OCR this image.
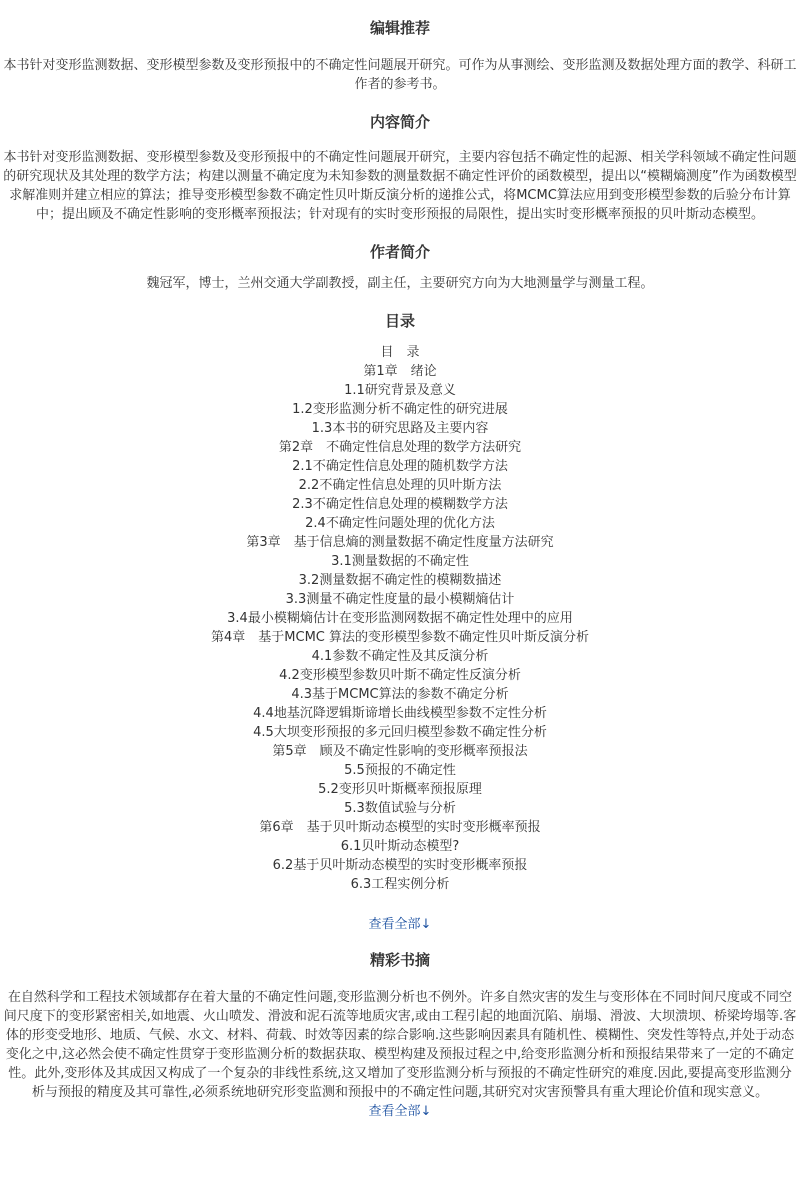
编辑推荐

本书针对变形监测数据、变形模型参数及变形预报中的不确定性问题展开研究。可作为从事测绘、变形监测及数据处理方面的教学、科研工作者的参考书。

内容简介

本书针对变形监测数据、变形模型参数及变形预报中的不确定性问题展开研究，主要内容包括不确定性的起源、相关学科领域不确定性问题的研究现状及其处理的数学方法；构建以测量不确定度为未知参数的测量数据不确定性评价的函数模型，提出以“模糊熵测度”作为函数模型求解准则并建立相应的算法；推导变形模型参数不确定性贝叶斯反演分析的递推公式，将MCMC算法应用到变形模型参数的后验分布计算中；提出顾及不确定性影响的变形概率预报法；针对现有的实时变形预报的局限性，提出实时变形概率预报的贝叶斯动态模型。

作者简介

魏冠军，博士，兰州交通大学副教授，副主任，主要研究方向为大地测量学与测量工程。

目录
目　录
第1章　绪论
1.1研究背景及意义
1.2变形监测分析不确定性的研究进展
1.3本书的研究思路及主要内容
第2章　不确定性信息处理的数学方法研究
2.1不确定性信息处理的随机数学方法
2.2不确定性信息处理的贝叶斯方法
2.3不确定性信息处理的模糊数学方法
2.4不确定性问题处理的优化方法
第3章　基于信息熵的测量数据不确定性度量方法研究
3.1测量数据的不确定性
3.2测量数据不确定性的模糊数描述
3.3测量不确定性度量的最小模糊熵估计
3.4最小模糊熵估计在变形监测网数据不确定性处理中的应用
第4章　基于MCMC 算法的变形模型参数不确定性贝叶斯反演分析
4.1参数不确定性及其反演分析
4.2变形模型参数贝叶斯不确定性反演分析
4.3基于MCMC算法的参数不确定分析
4.4地基沉降逻辑斯谛增长曲线模型参数不定性分析
4.5大坝变形预报的多元回归模型参数不确定性分析
第5章　顾及不确定性影响的变形概率预报法
5.5预报的不确定性
5.2变形贝叶斯概率预报原理
5.3数值试验与分析
第6章　基于贝叶斯动态模型的实时变形概率预报
6.1贝叶斯动态模型?
6.2基于贝叶斯动态模型的实时变形概率预报
6.3工程实例分析
查看全部↓
精彩书摘

在自然科学和工程技术领域都存在着大量的不确定性问题,变形监测分析也不例外。许多自然灾害的发生与变形体在不同时间尺度或不同空间尺度下的变形紧密相关,如地震、火山喷发、滑波和泥石流等地质灾害,或由工程引起的地面沉陷、崩塌、滑波、大坝溃坝、桥梁垮塌等.客体的形变受地形、地质、气候、水文、材料、荷载、时效等因素的综合影响.这些影响因素具有随机性、模糊性、突发性等特点,并处于动态变化之中,这必然会使不确定性贯穿于变形监测分析的数据获取、模型构建及预报过程之中,给变形监测分析和预报结果带来了一定的不确定性。此外,变形体及其成因又构成了一个复杂的非线性系统,这又增加了变形监测分析与预报的不确定性研究的难度.因此,要提高变形监测分析与预报的精度及其可靠性,必须系统地研究形变监测和预报中的不确定性问题,其研究对灾害预警具有重大理论价值和现实意义。

查看全部↓
